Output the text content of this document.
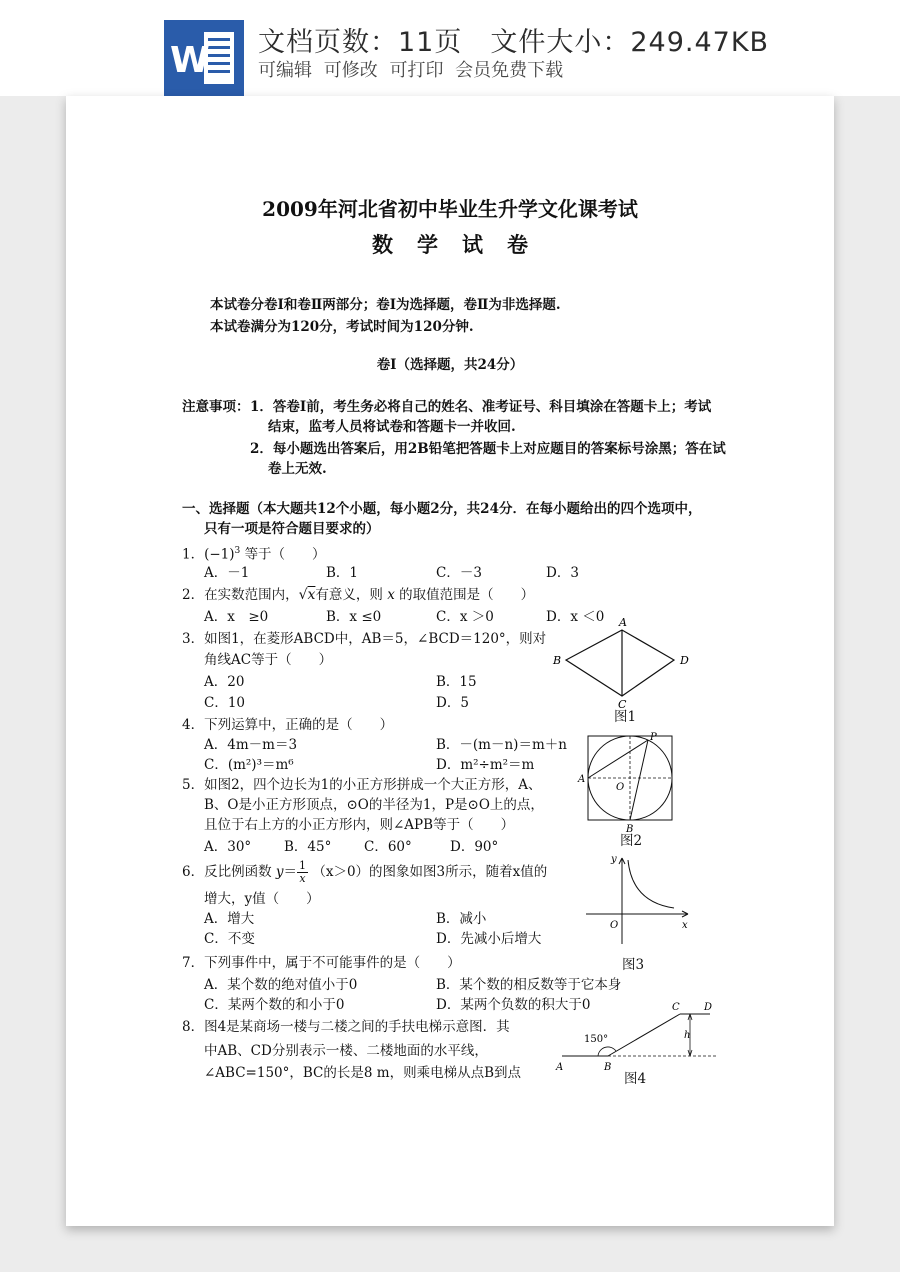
W 文档页数：11页 文件大小：249.47KB
可编辑 可修改 可打印 会员免费下载
2009年河北省初中毕业生升学文化课考试
数学试卷
本试卷分卷Ⅰ和卷Ⅱ两部分；卷Ⅰ为选择题，卷Ⅱ为非选择题.
本试卷满分为120分，考试时间为120分钟.
卷Ⅰ（选择题，共24分）
注意事项： 1．答卷Ⅰ前，考生务必将自己的姓名、准考证号、科目填涂在答题卡上；考试
结束，监考人员将试卷和答题卡一并收回.
2．每小题选出答案后，用2B铅笔把答题卡上对应题目的答案标号涂黑；答在试
卷上无效.
一、选择题（本大题共12个小题，每小题2分，共24分．在每小题给出的四个选项中，
只有一项是符合题目要求的）
1．$(-1)^3$ 等于（　　）
A．－1	B．1	C．－3	D．3
2．在实数范围内，√x有意义，则 x 的取值范围是（　　）
A．x　≥0	B．x ≤0	C．x ＞0	D．x ＜0
3．如图1，在菱形ABCD中，AB＝5，∠BCD＝120°，则对
角线AC等于（　　）
A．20	B．15
C．10	D．5
A
B
C
D
图1
4．下列运算中，正确的是（　　）
A．4m－m＝3	B．－(m－n)＝m＋n
C．(m²)³＝m⁶	D．m²÷m²＝m
P
A
O
B
图2
5．如图2，四个边长为1的小正方形拼成一个大正方形，A、
B、O是小正方形顶点，⊙O的半径为1，P是⊙O上的点，
且位于右上方的小正方形内，则∠APB等于（　　）
A．30° B．45° C．60°	D．90°
6．反比例函数 $y= \frac{1}{x} (x>0)$的图象如图3所示，随着x值的
增大，y值（　　）
A．增大	B．减小
C．不变	D．先减小后增大
y
O	x
图3
7．下列事件中，属于不可能事件的是（　　）
A．某个数的绝对值小于0	B．某个数的相反数等于它本身
C．某两个数的和小于0	D．某两个负数的积大于0
8．图4是某商场一楼与二楼之间的手扶电梯示意图．其
中AB、CD分别表示一楼、二楼地面的水平线，
∠ABC=150°，BC的长是8 m，则乘电梯从点B到点
150°	h
A	B
C D
图4
